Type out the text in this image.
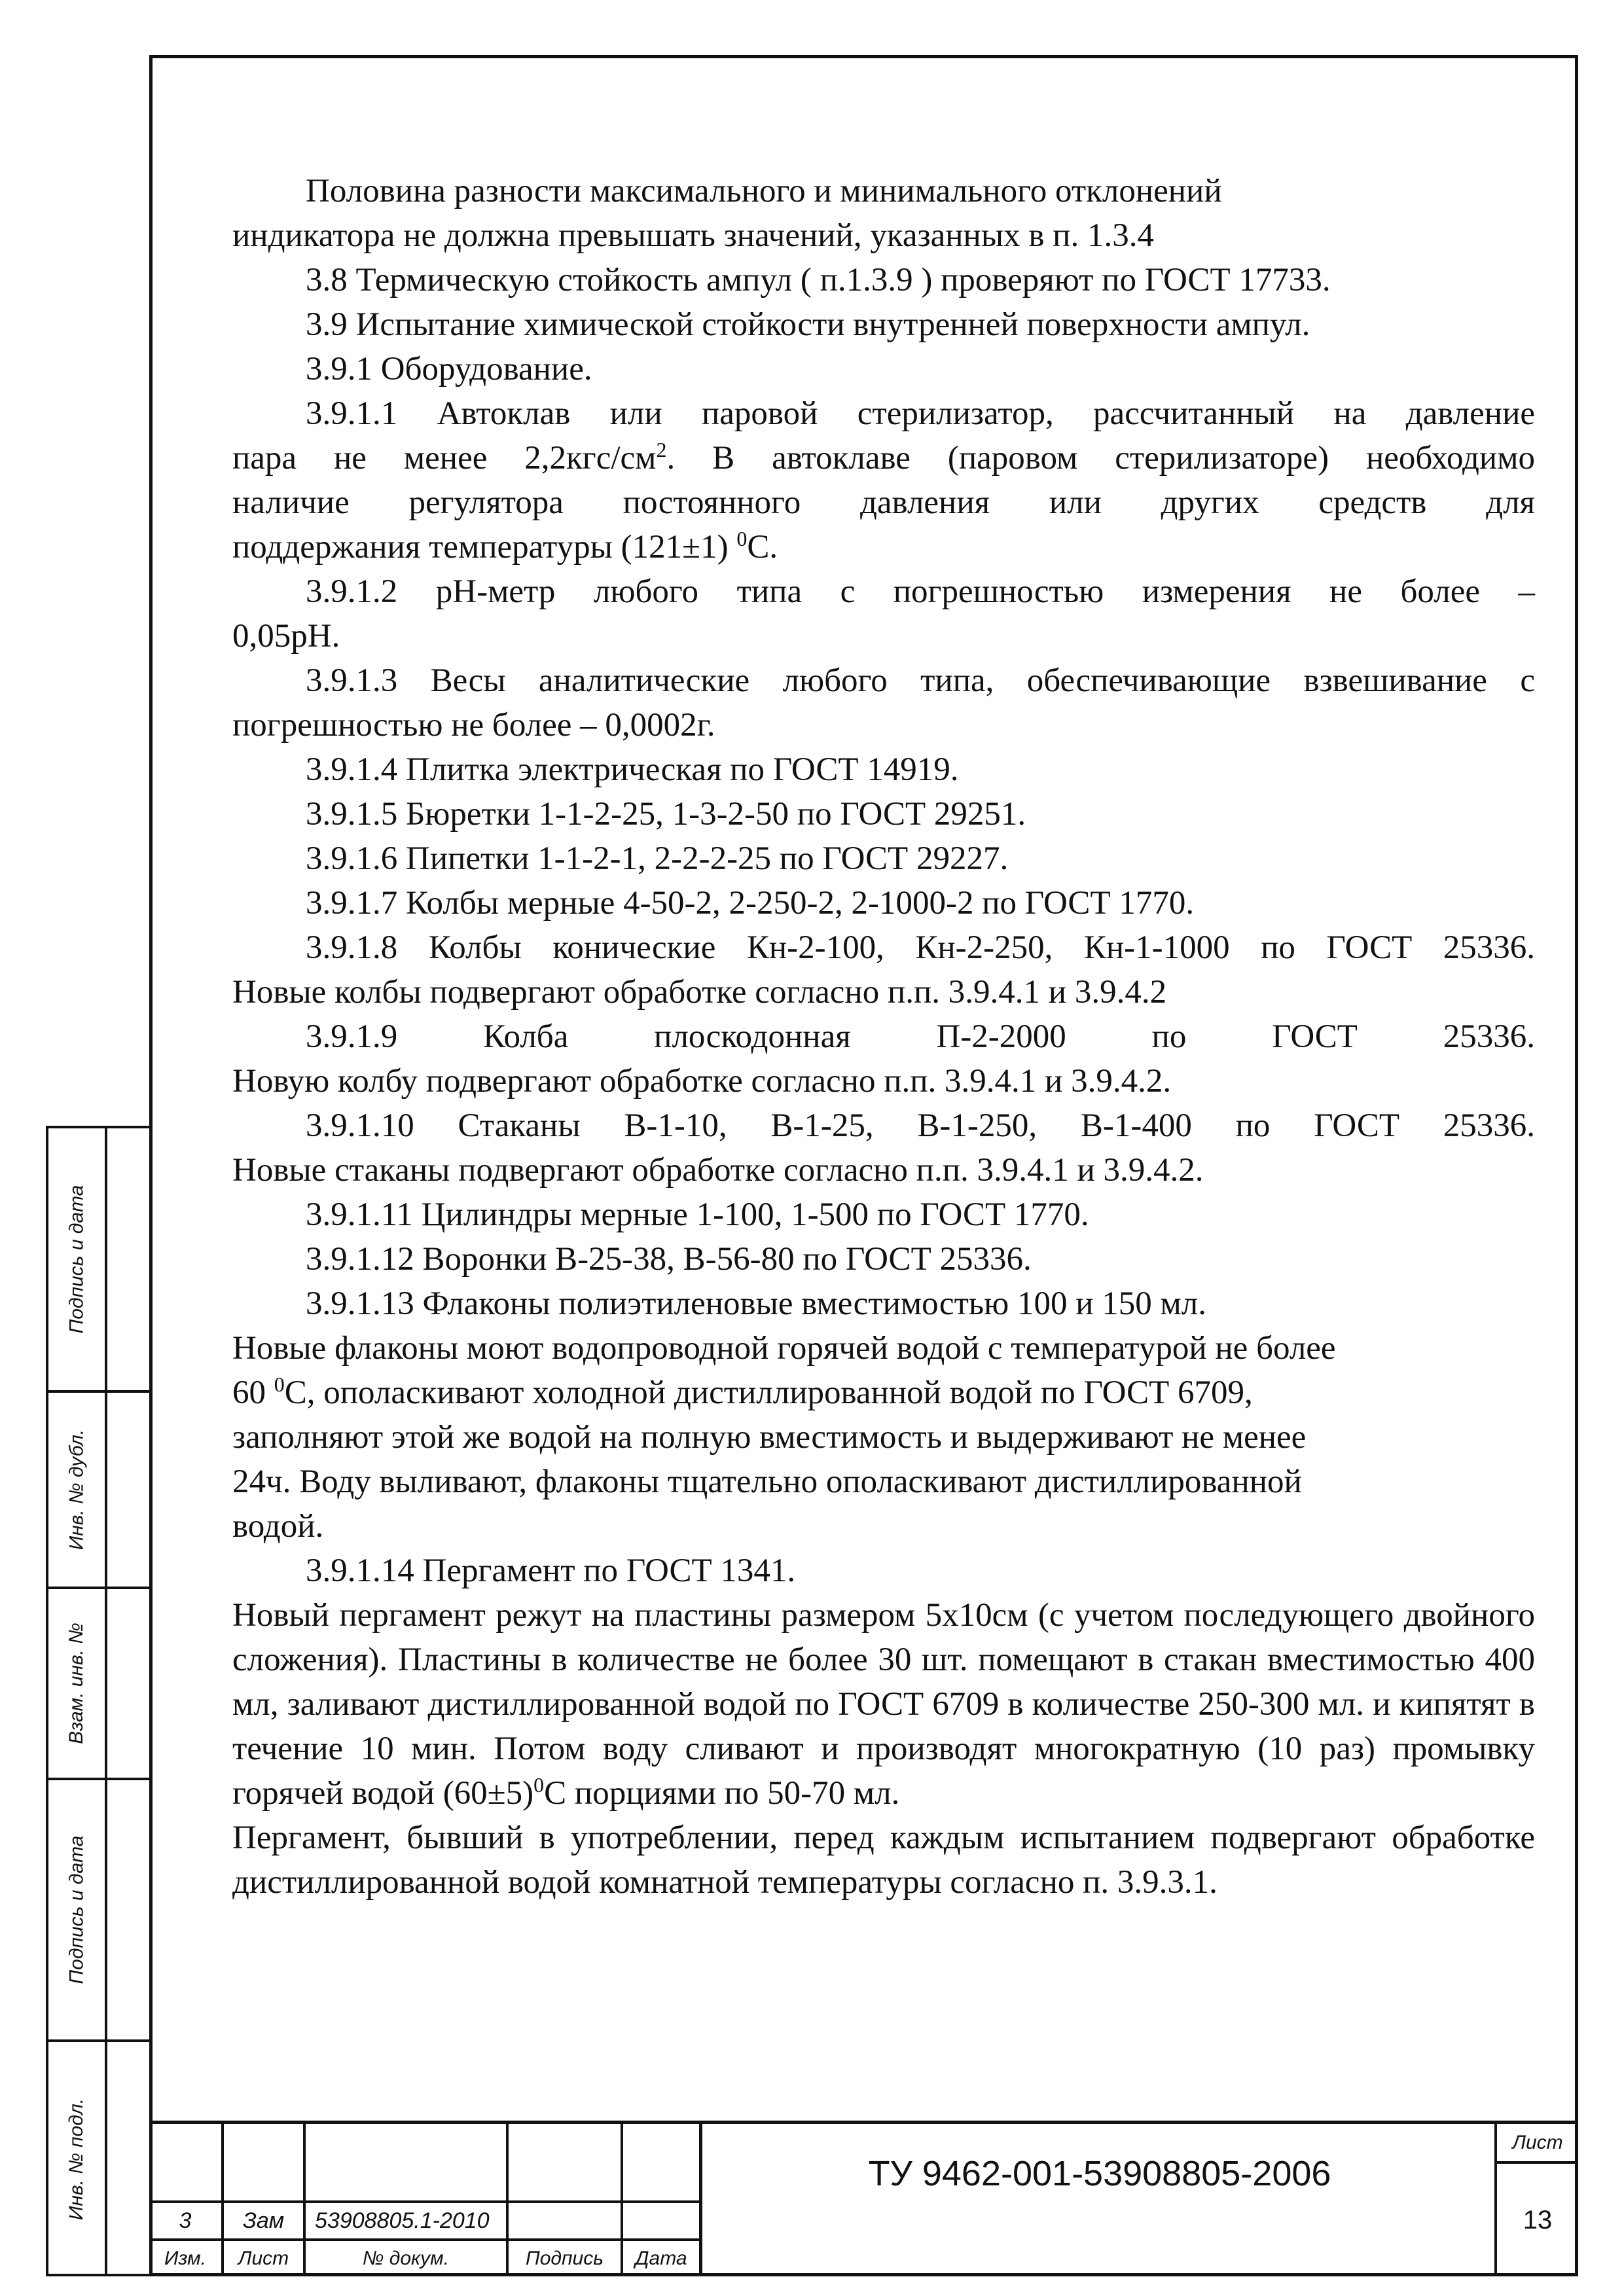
Подпись и дата
Инв. № дубл.
Взам. инв. №
Подпись и дата
Инв. № подл.

Половина разности максимального и минимального отклонений

индикатора не должна превышать значений, указанных в п. 1.3.4

3.8 Термическую стойкость ампул ( п.1.3.9 ) проверяют по ГОСТ 17733.

3.9 Испытание химической стойкости внутренней поверхности ампул.

3.9.1 Оборудование.

3.9.1.1 Автоклав или паровой стерилизатор, рассчитанный на давление

пара не менее $2,2кгс/см^2$. В автоклаве (паровом стерилизаторе) необходимо

наличие регулятора постоянного давления или других средств для

поддержания температуры (121±1) $^0$С.

3.9.1.2 pH-метр любого типа с погрешностью измерения не более –

0,05pH.

3.9.1.3 Весы аналитические любого типа, обеспечивающие взвешивание с

погрешностью не более – 0,0002г.

3.9.1.4 Плитка электрическая по ГОСТ 14919.

3.9.1.5 Бюретки 1-1-2-25, 1-3-2-50 по ГОСТ 29251.

3.9.1.6 Пипетки 1-1-2-1, 2-2-2-25 по ГОСТ 29227.

3.9.1.7 Колбы мерные 4-50-2, 2-250-2, 2-1000-2 по ГОСТ 1770.

3.9.1.8 Колбы конические Кн-2-100, Кн-2-250, Кн-1-1000 по ГОСТ 25336.

Новые колбы подвергают обработке согласно п.п. 3.9.4.1 и 3.9.4.2

3.9.1.9 Колба плоскодонная П-2-2000 по ГОСТ 25336.

Новую колбу подвергают обработке согласно п.п. 3.9.4.1 и 3.9.4.2.

3.9.1.10 Стаканы В-1-10, В-1-25, В-1-250, В-1-400 по ГОСТ 25336.

Новые стаканы подвергают обработке согласно п.п. 3.9.4.1 и 3.9.4.2.

3.9.1.11 Цилиндры мерные 1-100, 1-500 по ГОСТ 1770.

3.9.1.12 Воронки В-25-38, В-56-80 по ГОСТ 25336.

3.9.1.13 Флаконы полиэтиленовые вместимостью 100 и 150 мл.

Новые флаконы моют водопроводной горячей водой с температурой не более

60 $^0$С, ополаскивают холодной дистиллированной водой по ГОСТ 6709,

заполняют этой же водой на полную вместимость и выдерживают не менее

24ч. Воду выливают, флаконы тщательно ополаскивают дистиллированной

водой.

3.9.1.14 Пергамент по ГОСТ 1341.

Новый пергамент режут на пластины размером 5х10см (с учетом последующего двойного сложения). Пластины в количестве не более 30 шт. помещают в стакан вместимостью 400 мл, заливают дистиллированной водой по ГОСТ 6709 в количестве 250-300 мл. и кипятят в течение 10 мин. Потом воду сливают и производят многократную (10 раз) промывку горячей водой $(60\pm 5)^0С$ порциями по 50-70 мл.

Пергамент, бывший в употреблении, перед каждым испытанием подвергают обработке дистиллированной водой комнатной температуры согласно п. 3.9.3.1.

3	Зам	53908805.1-2010
Изм.	Лист	№ докум.	Подпись	Дата
Лист
13
ТУ 9462-001-53908805-2006
